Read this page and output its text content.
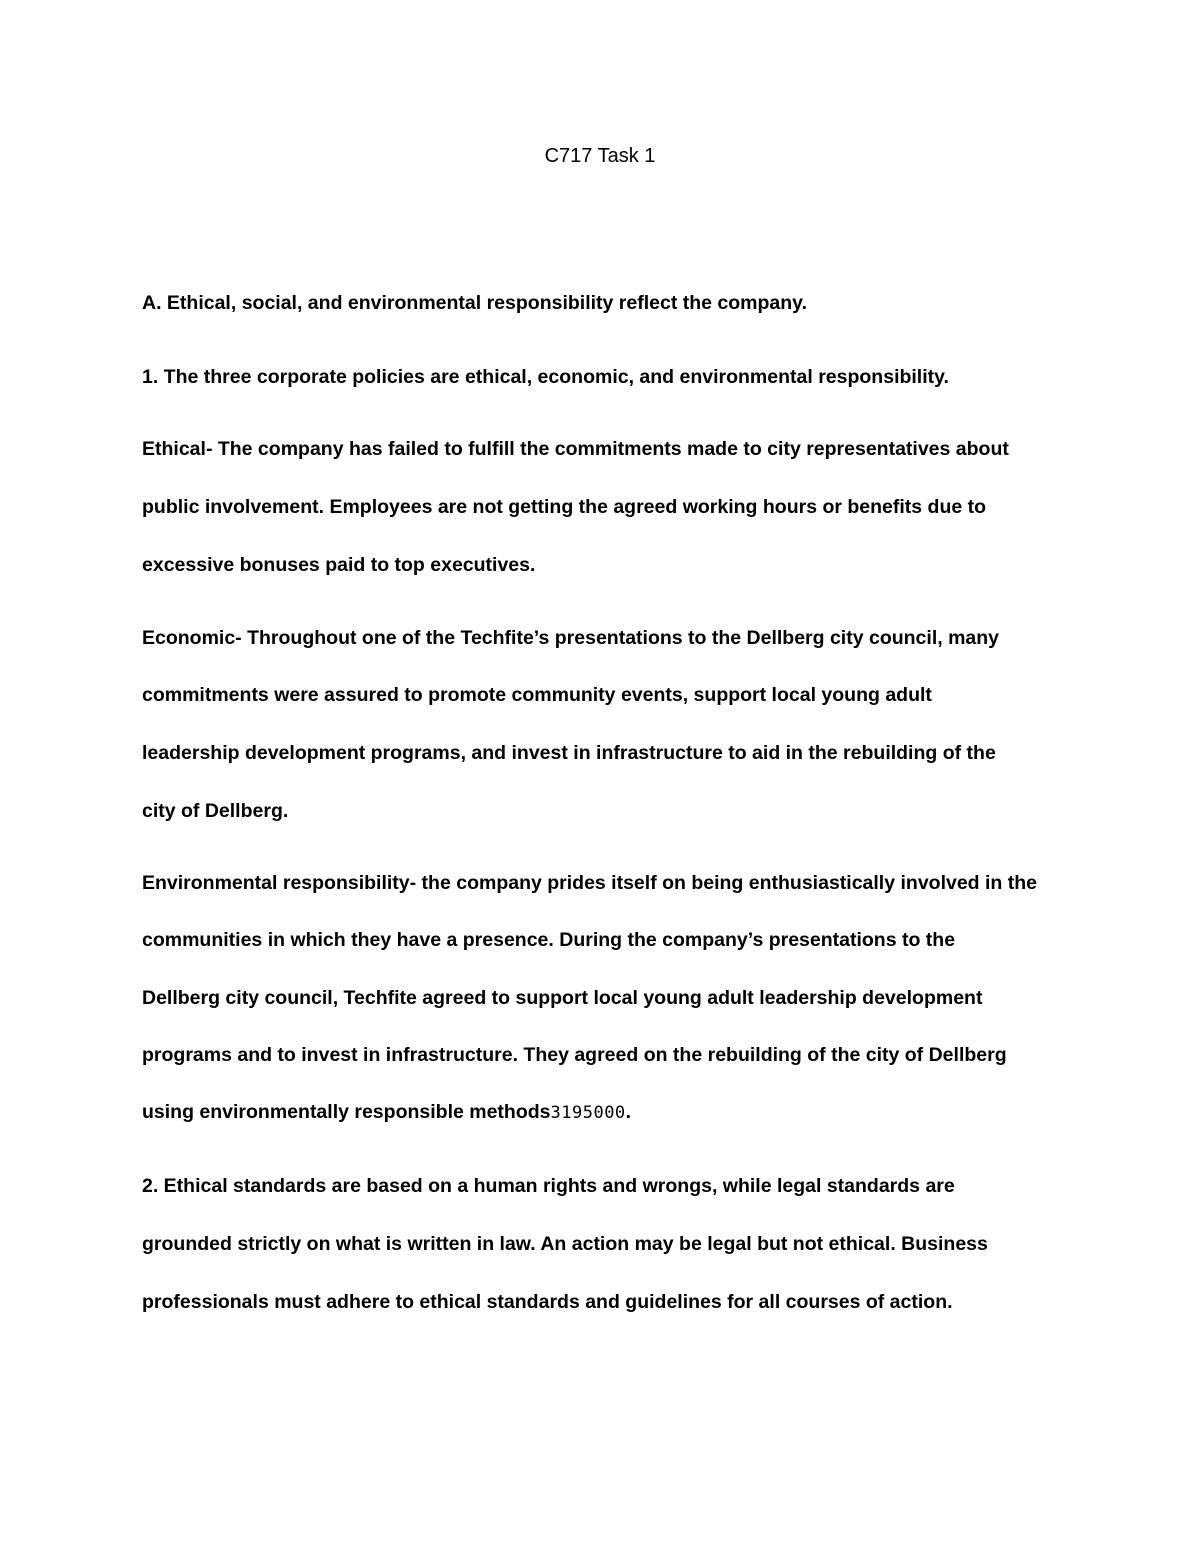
C717 Task 1
A. Ethical, social, and environmental responsibility reflect the company.
1. The three corporate policies are ethical, economic, and environmental responsibility.
Ethical- The company has failed to fulfill the commitments made to city representatives about
public involvement. Employees are not getting the agreed working hours or benefits due to
excessive bonuses paid to top executives.
Economic- Throughout one of the Techfite’s presentations to the Dellberg city council, many
commitments were assured to promote community events, support local young adult
leadership development programs, and invest in infrastructure to aid in the rebuilding of the
city of Dellberg.
Environmental responsibility- the company prides itself on being enthusiastically involved in the
communities in which they have a presence. During the company’s presentations to the
Dellberg city council, Techfite agreed to support local young adult leadership development
programs and to invest in infrastructure. They agreed on the rebuilding of the city of Dellberg
using environmentally responsible methods3195000.
2. Ethical standards are based on a human rights and wrongs, while legal standards are
grounded strictly on what is written in law. An action may be legal but not ethical. Business
professionals must adhere to ethical standards and guidelines for all courses of action.
